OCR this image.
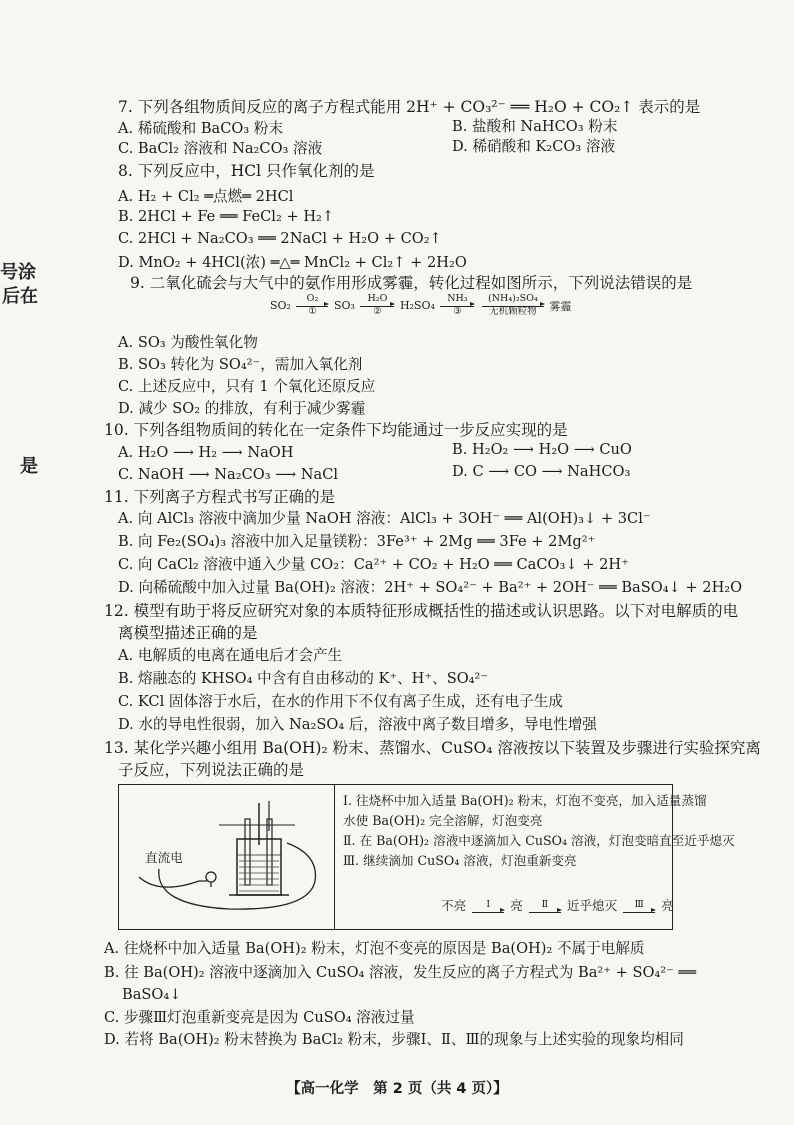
号涂
后在
是
7. 下列各组物质间反应的离子方程式能用 2H⁺ + CO₃²⁻ ══ H₂O + CO₂↑ 表示的是
A. 稀硫酸和 BaCO₃ 粉末	B. 盐酸和 NaHCO₃ 粉末
C. BaCl₂ 溶液和 Na₂CO₃ 溶液	D. 稀硝酸和 K₂CO₃ 溶液
8. 下列反应中，HCl 只作氧化剂的是
A. H₂ + Cl₂ ═点燃═ 2HCl
B. 2HCl + Fe ══ FeCl₂ + H₂↑
C. 2HCl + Na₂CO₃ ══ 2NaCl + H₂O + CO₂↑
D. MnO₂ + 4HCl(浓) ═△═ MnCl₂ + Cl₂↑ + 2H₂O
9. 二氧化硫会与大气中的氨作用形成雾霾，转化过程如图所示，下列说法错误的是
SO₂
O₂
①	SO₃
H₂O
②	H₂SO₄
NH₃
③

(NH₄)₂SO₄
无机颗粒物	雾霾
A. SO₃ 为酸性氧化物
B. SO₃ 转化为 SO₄²⁻，需加入氧化剂
C. 上述反应中，只有 1 个氧化还原反应
D. 减少 SO₂ 的排放，有利于减少雾霾
10. 下列各组物质间的转化在一定条件下均能通过一步反应实现的是
A. H₂O ⟶ H₂ ⟶ NaOH	B. H₂O₂ ⟶ H₂O ⟶ CuO
C. NaOH ⟶ Na₂CO₃ ⟶ NaCl	D. C ⟶ CO ⟶ NaHCO₃
11. 下列离子方程式书写正确的是
A. 向 AlCl₃ 溶液中滴加少量 NaOH 溶液：AlCl₃ + 3OH⁻ ══ Al(OH)₃↓ + 3Cl⁻
B. 向 Fe₂(SO₄)₃ 溶液中加入足量镁粉：3Fe³⁺ + 2Mg ══ 3Fe + 2Mg²⁺
C. 向 CaCl₂ 溶液中通入少量 CO₂：Ca²⁺ + CO₂ + H₂O ══ CaCO₃↓ + 2H⁺
D. 向稀硫酸中加入过量 Ba(OH)₂ 溶液：2H⁺ + SO₄²⁻ + Ba²⁺ + 2OH⁻ ══ BaSO₄↓ + 2H₂O
12. 模型有助于将反应研究对象的本质特征形成概括性的描述或认识思路。以下对电解质的电
离模型描述正确的是
A. 电解质的电离在通电后才会产生
B. 熔融态的 KHSO₄ 中含有自由移动的 K⁺、H⁺、SO₄²⁻
C. KCl 固体溶于水后，在水的作用下不仅有离子生成，还有电子生成
D. 水的导电性很弱，加入 Na₂SO₄ 后，溶液中离子数目增多，导电性增强
13. 某化学兴趣小组用 Ba(OH)₂ 粉末、蒸馏水、CuSO₄ 溶液按以下装置及步骤进行实验探究离
子反应，下列说法正确的是
直流电
Ⅰ. 往烧杯中加入适量 Ba(OH)₂ 粉末，灯泡不变亮，加入适量蒸馏
水使 Ba(OH)₂ 完全溶解，灯泡变亮
Ⅱ. 在 Ba(OH)₂ 溶液中逐滴加入 CuSO₄ 溶液，灯泡变暗直至近乎熄灭
Ⅲ. 继续滴加 CuSO₄ 溶液，灯泡重新变亮
不亮	Ⅰ	亮	Ⅱ	近乎熄灭	Ⅲ	亮
A. 往烧杯中加入适量 Ba(OH)₂ 粉末，灯泡不变亮的原因是 Ba(OH)₂ 不属于电解质
B. 往 Ba(OH)₂ 溶液中逐滴加入 CuSO₄ 溶液，发生反应的离子方程式为 Ba²⁺ + SO₄²⁻ ══
BaSO₄↓
C. 步骤Ⅲ灯泡重新变亮是因为 CuSO₄ 溶液过量
D. 若将 Ba(OH)₂ 粉末替换为 BaCl₂ 粉末，步骤Ⅰ、Ⅱ、Ⅲ的现象与上述实验的现象均相同
【高一化学　第 2 页（共 4 页）】
